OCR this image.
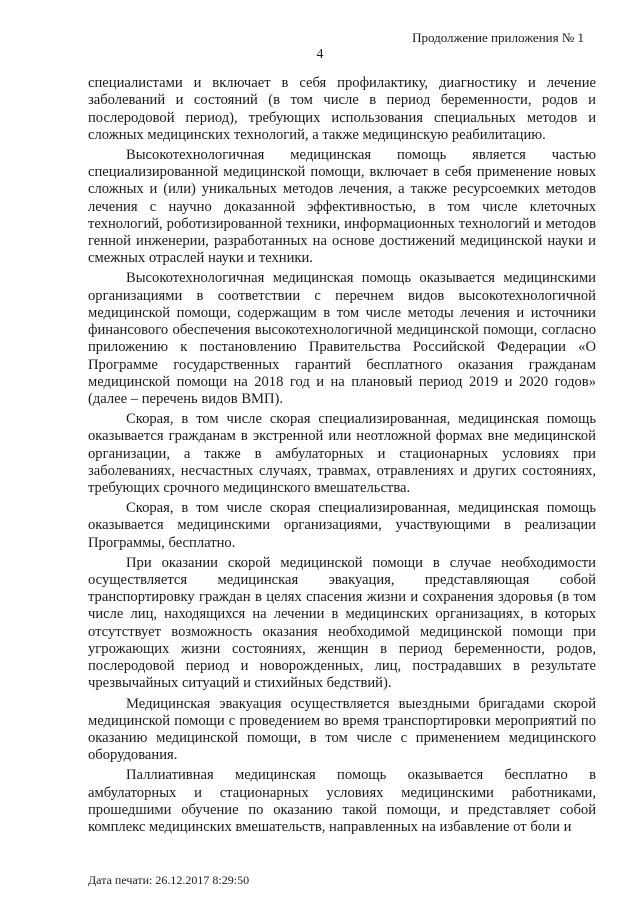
Продолжение приложения № 1
4

специалистами и включает в себя профилактику, диагностику и лечение заболеваний и состояний (в том числе в период беременности, родов и послеродовой период), требующих использования специальных методов и сложных медицинских технологий, а также медицинскую реабилитацию.

Высокотехнологичная медицинская помощь является частью специализированной медицинской помощи, включает в себя применение новых сложных и (или) уникальных методов лечения, а также ресурсоемких методов лечения с научно доказанной эффективностью, в том числе клеточных технологий, роботизированной техники, информационных технологий и методов генной инженерии, разработанных на основе достижений медицинской науки и смежных отраслей науки и техники.

Высокотехнологичная медицинская помощь оказывается медицинскими организациями в соответствии с перечнем видов высокотехнологичной медицинской помощи, содержащим в том числе методы лечения и источники финансового обеспечения высокотехнологичной медицинской помощи, согласно приложению к постановлению Правительства Российской Федерации «О Программе государственных гарантий бесплатного оказания гражданам медицинской помощи на 2018 год и на плановый период 2019 и 2020 годов» (далее – перечень видов ВМП).

Скорая, в том числе скорая специализированная, медицинская помощь оказывается гражданам в экстренной или неотложной формах вне медицинской организации, а также в амбулаторных и стационарных условиях при заболеваниях, несчастных случаях, травмах, отравлениях и других состояниях, требующих срочного медицинского вмешательства.

Скорая, в том числе скорая специализированная, медицинская помощь оказывается медицинскими организациями, участвующими в реализации Программы, бесплатно.

При оказании скорой медицинской помощи в случае необходимости осуществляется медицинская эвакуация, представляющая собой транспортировку граждан в целях спасения жизни и сохранения здоровья (в том числе лиц, находящихся на лечении в медицинских организациях, в которых отсутствует возможность оказания необходимой медицинской помощи при угрожающих жизни состояниях, женщин в период беременности, родов, послеродовой период и новорожденных, лиц, пострадавших в результате чрезвычайных ситуаций и стихийных бедствий).

Медицинская эвакуация осуществляется выездными бригадами скорой медицинской помощи с проведением во время транспортировки мероприятий по оказанию медицинской помощи, в том числе с применением медицинского оборудования.

Паллиативная медицинская помощь оказывается бесплатно в амбулаторных и стационарных условиях медицинскими работниками, прошедшими обучение по оказанию такой помощи, и представляет собой комплекс медицинских вмешательств, направленных на избавление от боли и

Дата печати: 26.12.2017 8:29:50
